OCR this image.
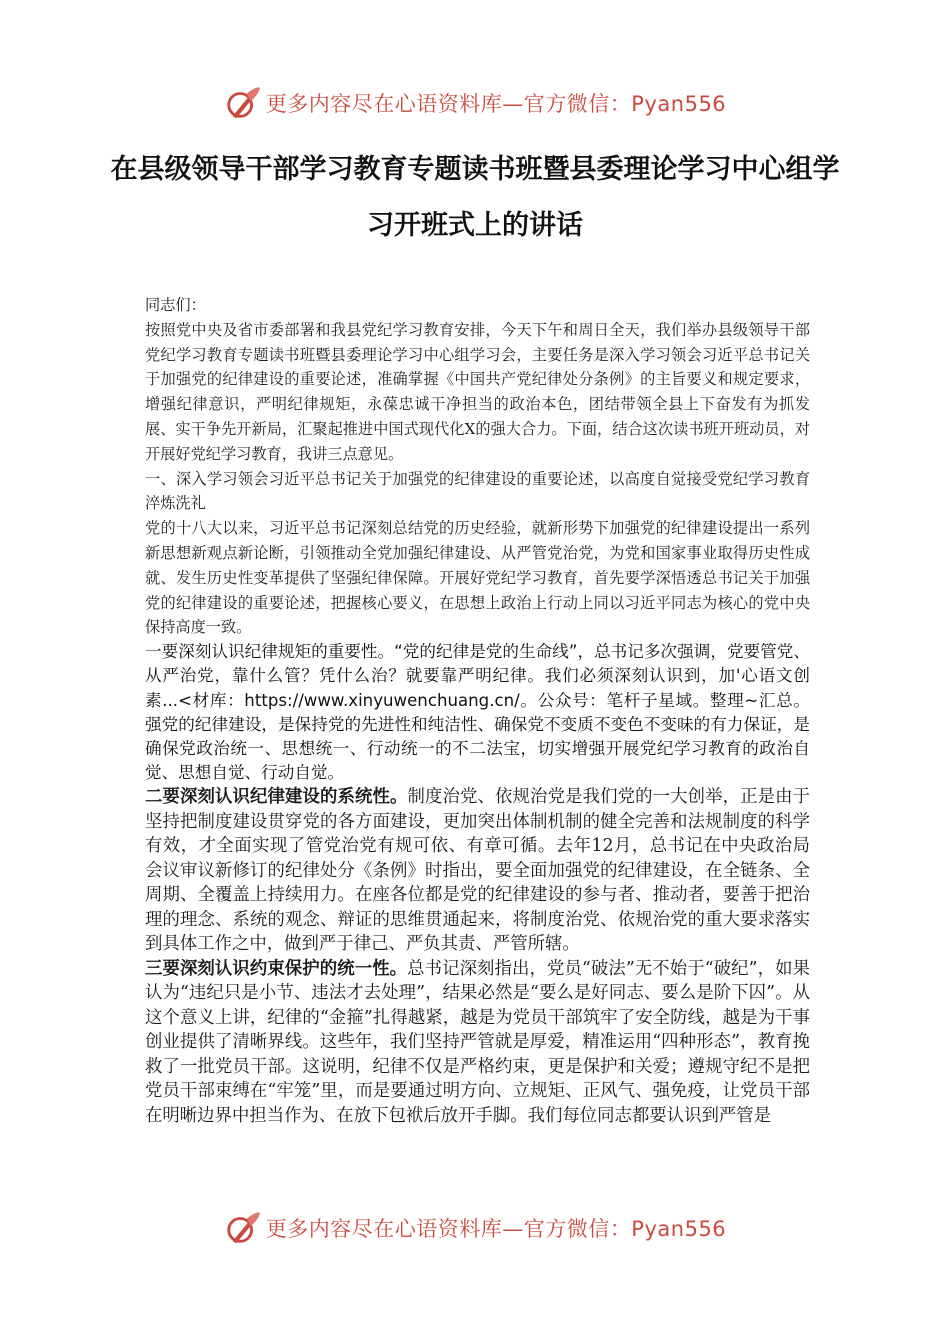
更多内容尽在心语资料库—官方微信：Pyan556
在县级领导干部学习教育专题读书班暨县委理论学习中心组学习开班式上的讲话

同志们：

按照党中央及省市委部署和我县党纪学习教育安排，今天下午和周日全天，我们举办县级领导干部党纪学习教育专题读书班暨县委理论学习中心组学习会，主要任务是深入学习领会习近平总书记关于加强党的纪律建设的重要论述，准确掌握《中国共产党纪律处分条例》的主旨要义和规定要求，增强纪律意识，严明纪律规矩，永葆忠诚干净担当的政治本色，团结带领全县上下奋发有为抓发展、实干争先开新局，汇聚起推进中国式现代化X的强大合力。下面，结合这次读书班开班动员，对开展好党纪学习教育，我讲三点意见。

一、深入学习领会习近平总书记关于加强党的纪律建设的重要论述，以高度自觉接受党纪学习教育淬炼洗礼

党的十八大以来，习近平总书记深刻总结党的历史经验，就新形势下加强党的纪律建设提出一系列新思想新观点新论断，引领推动全党加强纪律建设、从严管党治党，为党和国家事业取得历史性成就、发生历史性变革提供了坚强纪律保障。开展好党纪学习教育，首先要学深悟透总书记关于加强党的纪律建设的重要论述，把握核心要义，在思想上政治上行动上同以习近平同志为核心的党中央保持高度一致。

一要深刻认识纪律规矩的重要性。“党的纪律是党的生命线”，总书记多次强调，党要管党、从严治党，靠什么管？凭什么治？就要靠严明纪律。我们必须深刻认识到，加'心语文创素...<材库：https://www.xinyuwenchuang.cn/。公众号：笔杆子星域。整理~汇总。强党的纪律建设，是保持党的先进性和纯洁性、确保党不变质不变色不变味的有力保证，是确保党政治统一、思想统一、行动统一的不二法宝，切实增强开展党纪学习教育的政治自觉、思想自觉、行动自觉。

二要深刻认识纪律建设的系统性。制度治党、依规治党是我们党的一大创举，正是由于坚持把制度建设贯穿党的各方面建设，更加突出体制机制的健全完善和法规制度的科学有效，才全面实现了管党治党有规可依、有章可循。去年12月，总书记在中央政治局会议审议新修订的纪律处分《条例》时指出，要全面加强党的纪律建设，在全链条、全周期、全覆盖上持续用力。在座各位都是党的纪律建设的参与者、推动者，要善于把治理的理念、系统的观念、辩证的思维贯通起来，将制度治党、依规治党的重大要求落实到具体工作之中，做到严于律己、严负其责、严管所辖。

三要深刻认识约束保护的统一性。总书记深刻指出，党员“破法”无不始于“破纪”，如果认为“违纪只是小节、违法才去处理”，结果必然是“要么是好同志、要么是阶下囚”。从这个意义上讲，纪律的“金箍”扎得越紧，越是为党员干部筑牢了安全防线，越是为干事创业提供了清晰界线。这些年，我们坚持严管就是厚爱，精准运用“四种形态”，教育挽救了一批党员干部。这说明，纪律不仅是严格约束，更是保护和关爱；遵规守纪不是把党员干部束缚在“牢笼”里，而是要通过明方向、立规矩、正风气、强免疫，让党员干部在明晰边界中担当作为、在放下包袱后放开手脚。我们每位同志都要认识到严管是

更多内容尽在心语资料库—官方微信：Pyan556
